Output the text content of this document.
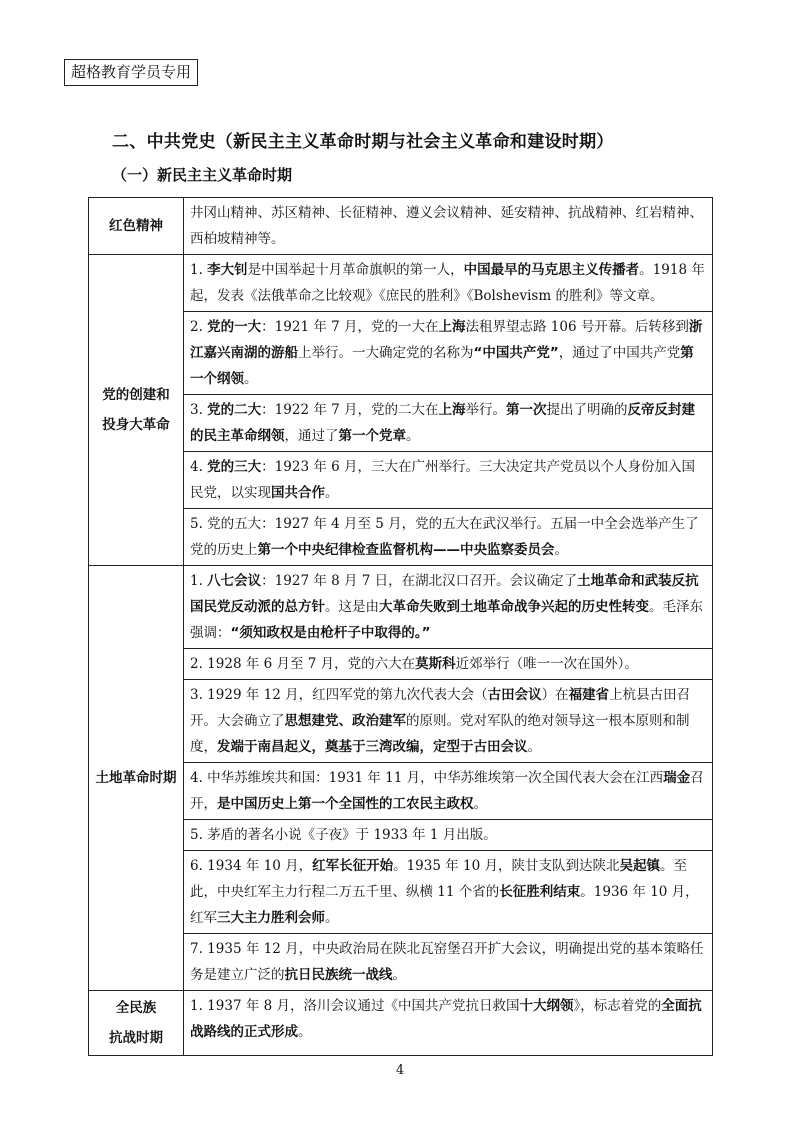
超格教育学员专用
二、中共党史（新民主主义革命时期与社会主义革命和建设时期）
（一）新民主主义革命时期
红色精神	井冈山精神、苏区精神、长征精神、遵义会议精神、延安精神、抗战精神、红岩精神、西柏坡精神等。

党的创建和
投身大革命	1. 李大钊是中国举起十月革命旗帜的第一人，中国最早的马克思主义传播者。1918 年起，发表《法俄革命之比较观》《庶民的胜利》《Bolshevism 的胜利》等文章。
	2. 党的一大：1921 年 7 月，党的一大在上海法租界望志路 106 号开幕。后转移到浙江嘉兴南湖的游船上举行。一大确定党的名称为“中国共产党”，通过了中国共产党第一个纲领。
	3. 党的二大：1922 年 7 月，党的二大在上海举行。第一次提出了明确的反帝反封建的民主革命纲领，通过了第一个党章。
	4. 党的三大：1923 年 6 月，三大在广州举行。三大决定共产党员以个人身份加入国民党，以实现国共合作。
	5. 党的五大：1927 年 4 月至 5 月，党的五大在武汉举行。五届一中全会选举产生了党的历史上第一个中央纪律检查监督机构——中央监察委员会。

土地革命时期	1. 八七会议：1927 年 8 月 7 日，在湖北汉口召开。会议确定了土地革命和武装反抗国民党反动派的总方针。这是由大革命失败到土地革命战争兴起的历史性转变。毛泽东强调：“须知政权是由枪杆子中取得的。”
	2. 1928 年 6 月至 7 月，党的六大在莫斯科近郊举行（唯一一次在国外）。
	3. 1929 年 12 月，红四军党的第九次代表大会（古田会议）在福建省上杭县古田召开。大会确立了思想建党、政治建军的原则。党对军队的绝对领导这一根本原则和制度，发端于南昌起义，奠基于三湾改编，定型于古田会议。
	4. 中华苏维埃共和国：1931 年 11 月，中华苏维埃第一次全国代表大会在江西瑞金召开，是中国历史上第一个全国性的工农民主政权。
	5. 茅盾的著名小说《子夜》于 1933 年 1 月出版。
	6. 1934 年 10 月，红军长征开始。1935 年 10 月，陕甘支队到达陕北吴起镇。至此，中央红军主力行程二万五千里、纵横 11 个省的长征胜利结束。1936 年 10 月，红军三大主力胜利会师。
	7. 1935 年 12 月，中央政治局在陕北瓦窑堡召开扩大会议，明确提出党的基本策略任务是建立广泛的抗日民族统一战线。

全民族
抗战时期	1. 1937 年 8 月，洛川会议通过《中国共产党抗日救国十大纲领》，标志着党的全面抗战路线的正式形成。
4
